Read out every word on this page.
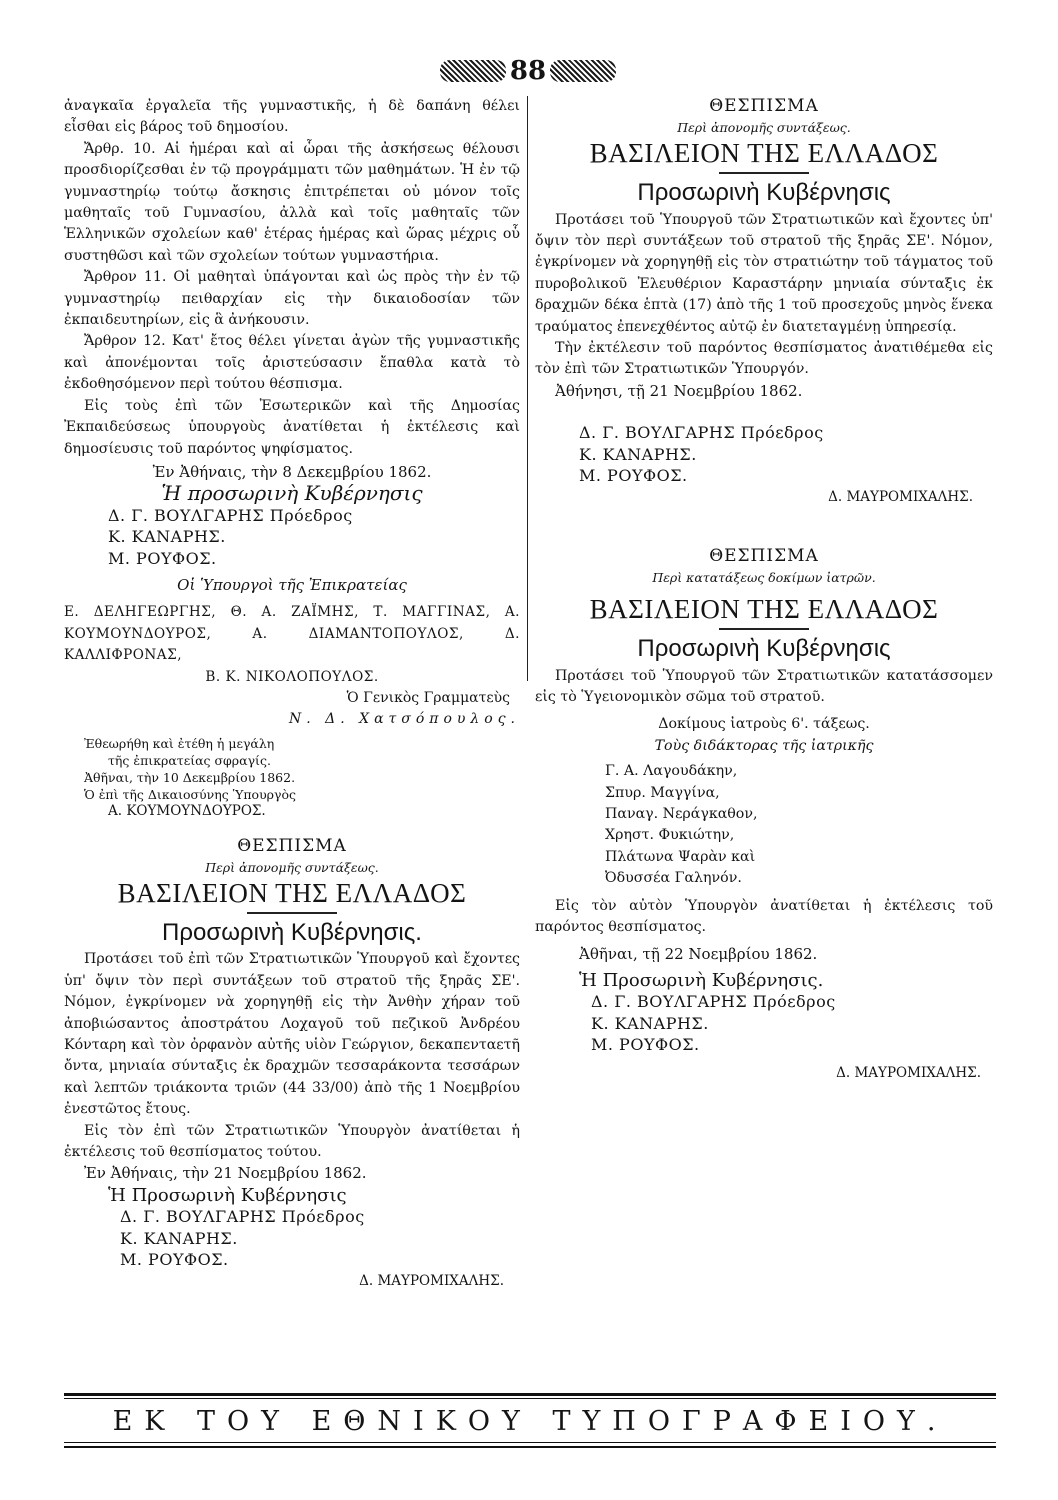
88

ἀναγκαῖα ἐργαλεῖα τῆς γυμναστικῆς, ἡ δὲ δαπάνη θέλει εἶσθαι εἰς βάρος τοῦ δημοσίου.

Ἄρθρ. 10. Αἱ ἡμέραι καὶ αἱ ὧραι τῆς ἀσκήσεως θέλουσι προσδιορίζεσθαι ἐν τῷ προγράμματι τῶν μαθημάτων. Ἡ ἐν τῷ γυμναστηρίῳ τούτῳ ἄσκησις ἐπιτρέπεται οὐ μόνον τοῖς μαθηταῖς τοῦ Γυμνασίου, ἀλλὰ καὶ τοῖς μαθηταῖς τῶν Ἑλληνικῶν σχολείων καθ' ἑτέρας ἡμέρας καὶ ὥρας μέχρις οὗ συστηθῶσι καὶ τῶν σχολείων τούτων γυμναστήρια.

Ἄρθρον 11. Οἱ μαθηταὶ ὑπάγονται καὶ ὡς πρὸς τὴν ἐν τῷ γυμναστηρίῳ πειθαρχίαν εἰς τὴν δικαιοδοσίαν τῶν ἐκπαιδευτηρίων, εἰς ἃ ἀνήκουσιν.

Ἄρθρον 12. Κατ' ἔτος θέλει γίνεται ἀγὼν τῆς γυμναστικῆς καὶ ἀπονέμονται τοῖς ἀριστεύσασιν ἔπαθλα κατὰ τὸ ἐκδοθησόμενον περὶ τούτου θέσπισμα.

Εἰς τοὺς ἐπὶ τῶν Ἐσωτερικῶν καὶ τῆς Δημοσίας Ἐκπαιδεύσεως ὑπουργοὺς ἀνατίθεται ἡ ἐκτέλεσις καὶ δημοσίευσις τοῦ παρόντος ψηφίσματος.

Ἐν Ἀθήναις, τὴν 8 Δεκεμβρίου 1862.

Ἡ προσωρινὴ Κυβέρνησις

Δ. Γ. ΒΟΥΛΓΑΡΗΣ Πρόεδρος

Κ. ΚΑΝΑΡΗΣ.

Μ. ΡΟΥΦΟΣ.

Οἱ Ὑπουργοὶ τῆς Ἐπικρατείας

Ε. ΔΕΛΗΓΕΩΡΓΗΣ, Θ. Α. ΖΑΪΜΗΣ, Τ. ΜΑΓΓΙΝΑΣ, Α. ΚΟΥΜΟΥΝΔΟΥΡΟΣ, Α. ΔΙΑΜΑΝΤΟΠΟΥΛΟΣ, Δ. ΚΑΛΛΙΦΡΟΝΑΣ,

Β. Κ. ΝΙΚΟΛΟΠΟΥΛΟΣ.

Ὁ Γενικὸς Γραμματεὺς

Ν. Δ. Χατσόπουλος.

Ἐθεωρήθη καὶ ἐτέθη ἡ μεγάλη

τῆς ἐπικρατείας σφραγίς.

Ἀθῆναι, τὴν 10 Δεκεμβρίου 1862.

Ὁ ἐπὶ τῆς Δικαιοσύνης Ὑπουργὸς

Α. ΚΟΥΜΟΥΝΔΟΥΡΟΣ.

ΘΕΣΠΙΣΜΑ

Περὶ ἀπονομῆς συντάξεως.

ΒΑΣΙΛΕΙΟΝ ΤΗΣ ΕΛΛΑΔΟΣ

Προσωρινὴ Κυβέρνησις.

Προτάσει τοῦ ἐπὶ τῶν Στρατιωτικῶν Ὑπουργοῦ καὶ ἔχοντες ὑπ' ὄψιν τὸν περὶ συντάξεων τοῦ στρατοῦ τῆς ξηρᾶς ΣΕ'. Νόμον, ἐγκρίνομεν νὰ χορηγηθῇ εἰς τὴν Ἀνθὴν χήραν τοῦ ἀποβιώσαντος ἀποστράτου Λοχαγοῦ τοῦ πεζικοῦ Ἀνδρέου Κόνταρη καὶ τὸν ὀρφανὸν αὐτῆς υἱὸν Γεώργιον, δεκαπενταετῆ ὄντα, μηνιαία σύνταξις ἐκ δραχμῶν τεσσαράκοντα τεσσάρων καὶ λεπτῶν τριάκοντα τριῶν (44 33/00) ἀπὸ τῆς 1 Νοεμβρίου ἐνεστῶτος ἔτους.

Εἰς τὸν ἐπὶ τῶν Στρατιωτικῶν Ὑπουργὸν ἀνατίθεται ἡ ἐκτέλεσις τοῦ θεσπίσματος τούτου.

Ἐν Ἀθήναις, τὴν 21 Νοεμβρίου 1862.

Ἡ Προσωρινὴ Κυβέρνησις

Δ. Γ. ΒΟΥΛΓΑΡΗΣ Πρόεδρος

Κ. ΚΑΝΑΡΗΣ.

Μ. ΡΟΥΦΟΣ.

Δ. ΜΑΥΡΟΜΙΧΑΛΗΣ.

ΘΕΣΠΙΣΜΑ

Περὶ ἀπονομῆς συντάξεως.

ΒΑΣΙΛΕΙΟΝ ΤΗΣ ΕΛΛΑΔΟΣ

Προσωρινὴ Κυβέρνησις

Προτάσει τοῦ Ὑπουργοῦ τῶν Στρατιωτικῶν καὶ ἔχοντες ὑπ' ὄψιν τὸν περὶ συντάξεων τοῦ στρατοῦ τῆς ξηρᾶς ΣΕ'. Νόμον, ἐγκρίνομεν νὰ χορηγηθῇ εἰς τὸν στρατιώτην τοῦ τάγματος τοῦ πυροβολικοῦ Ἐλευθέριον Καραστάρην μηνιαία σύνταξις ἐκ δραχμῶν δέκα ἑπτὰ (17) ἀπὸ τῆς 1 τοῦ προσεχοῦς μηνὸς ἕνεκα τραύματος ἐπενεχθέντος αὐτῷ ἐν διατεταγμένῃ ὑπηρεσίᾳ.

Τὴν ἐκτέλεσιν τοῦ παρόντος θεσπίσματος ἀνατιθέμεθα εἰς τὸν ἐπὶ τῶν Στρατιωτικῶν Ὑπουργόν.

Ἀθήνησι, τῇ 21 Νοεμβρίου 1862.

Δ. Γ. ΒΟΥΛΓΑΡΗΣ Πρόεδρος

Κ. ΚΑΝΑΡΗΣ.

Μ. ΡΟΥΦΟΣ.

Δ. ΜΑΥΡΟΜΙΧΑΛΗΣ.

ΘΕΣΠΙΣΜΑ

Περὶ κατατάξεως δοκίμων ἰατρῶν.

ΒΑΣΙΛΕΙΟΝ ΤΗΣ ΕΛΛΑΔΟΣ

Προσωρινὴ Κυβέρνησις

Προτάσει τοῦ Ὑπουργοῦ τῶν Στρατιωτικῶν κατατάσσομεν εἰς τὸ Ὑγειονομικὸν σῶμα τοῦ στρατοῦ.

Δοκίμους ἰατροὺς 6'. τάξεως.

Τοὺς διδάκτορας τῆς ἰατρικῆς

Γ. Α. Λαγουδάκην,

Σπυρ. Μαγγίνα,

Παναγ. Νεράγκαθον,

Χρηστ. Φυκιώτην,

Πλάτωνα Ψαρὰν καὶ

Ὀδυσσέα Γαληνόν.

Εἰς τὸν αὐτὸν Ὑπουργὸν ἀνατίθεται ἡ ἐκτέλεσις τοῦ παρόντος θεσπίσματος.

Ἀθῆναι, τῇ 22 Νοεμβρίου 1862.

Ἡ Προσωρινὴ Κυβέρνησις.

Δ. Γ. ΒΟΥΛΓΑΡΗΣ Πρόεδρος

Κ. ΚΑΝΑΡΗΣ.

Μ. ΡΟΥΦΟΣ.

Δ. ΜΑΥΡΟΜΙΧΑΛΗΣ.

ΕΚ ΤΟΥ ΕΘΝΙΚΟΥ ΤΥΠΟΓΡΑΦΕΙΟΥ.
